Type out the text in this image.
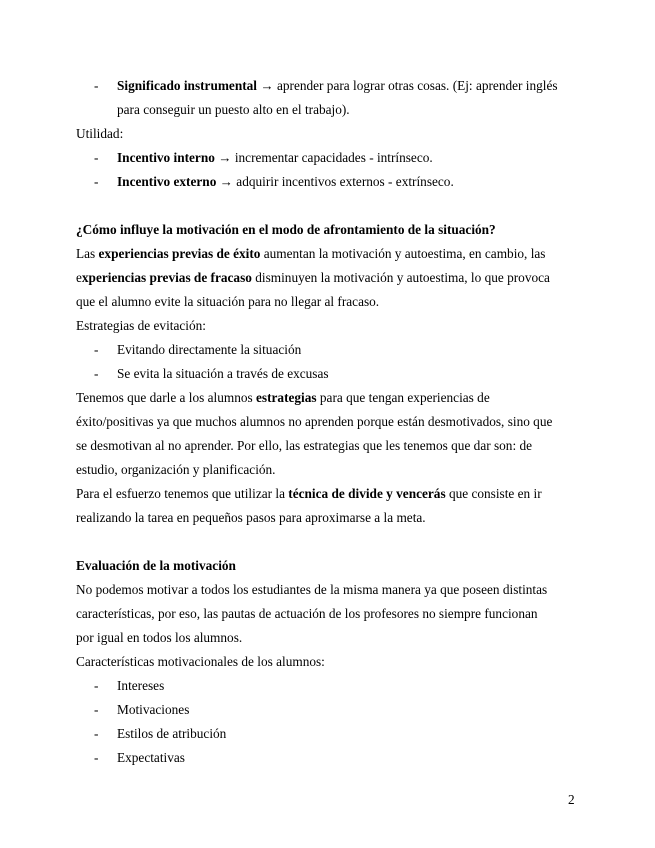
- Significado instrumental → aprender para lograr otras cosas. (Ej: aprender inglés
para conseguir un puesto alto en el trabajo).
Utilidad:
- Incentivo interno → incrementar capacidades - intrínseco.
- Incentivo externo → adquirir incentivos externos - extrínseco.
¿Cómo influye la motivación en el modo de afrontamiento de la situación?
Las experiencias previas de éxito aumentan la motivación y autoestima, en cambio, las
experiencias previas de fracaso disminuyen la motivación y autoestima, lo que provoca
que el alumno evite la situación para no llegar al fracaso.
Estrategias de evitación:
- Evitando directamente la situación
- Se evita la situación a través de excusas
Tenemos que darle a los alumnos estrategias para que tengan experiencias de
éxito/positivas ya que muchos alumnos no aprenden porque están desmotivados, sino que
se desmotivan al no aprender. Por ello, las estrategias que les tenemos que dar son: de
estudio, organización y planificación.
Para el esfuerzo tenemos que utilizar la técnica de divide y vencerás que consiste en ir
realizando la tarea en pequeños pasos para aproximarse a la meta.
Evaluación de la motivación
No podemos motivar a todos los estudiantes de la misma manera ya que poseen distintas
características, por eso, las pautas de actuación de los profesores no siempre funcionan
por igual en todos los alumnos.
Características motivacionales de los alumnos:
- Intereses
- Motivaciones
- Estilos de atribución
- Expectativas
2
